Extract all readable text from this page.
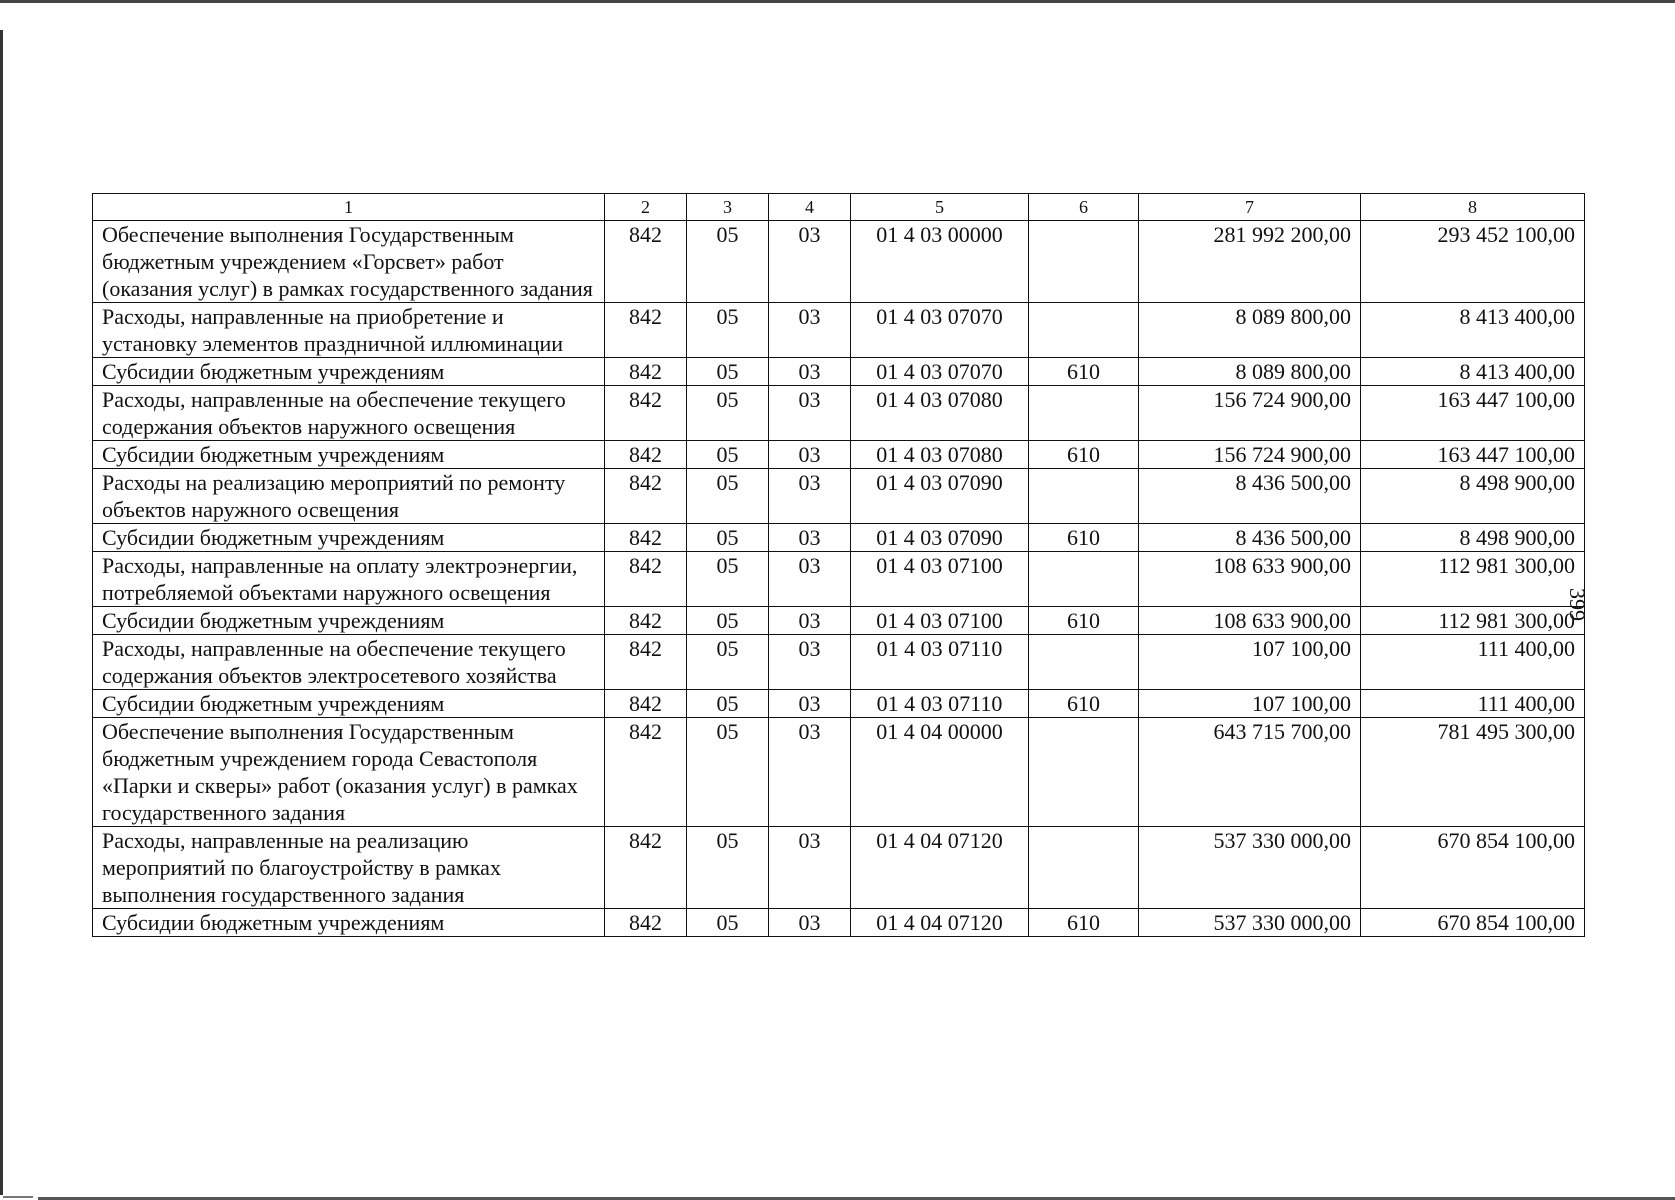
1	2	3	4	5	6	7	8
Обеспечение выполнения Государственным бюджетным учреждением «Горсвет» работ (оказания услуг) в рамках государственного задания	842	05	03	01 4 03 00000		281 992 200,00	293 452 100,00
Расходы, направленные на приобретение и установку элементов праздничной иллюминации	842	05	03	01 4 03 07070		8 089 800,00	8 413 400,00
Субсидии бюджетным учреждениям	842	05	03	01 4 03 07070	610	8 089 800,00	8 413 400,00
Расходы, направленные на обеспечение текущего содержания объектов наружного освещения	842	05	03	01 4 03 07080		156 724 900,00	163 447 100,00
Субсидии бюджетным учреждениям	842	05	03	01 4 03 07080	610	156 724 900,00	163 447 100,00
Расходы на реализацию мероприятий по ремонту объектов наружного освещения	842	05	03	01 4 03 07090		8 436 500,00	8 498 900,00
Субсидии бюджетным учреждениям	842	05	03	01 4 03 07090	610	8 436 500,00	8 498 900,00
Расходы, направленные на оплату электроэнергии, потребляемой объектами наружного освещения	842	05	03	01 4 03 07100		108 633 900,00	112 981 300,00
Субсидии бюджетным учреждениям	842	05	03	01 4 03 07100	610	108 633 900,00	112 981 300,00
Расходы, направленные на обеспечение текущего содержания объектов электросетевого хозяйства	842	05	03	01 4 03 07110		107 100,00	111 400,00
Субсидии бюджетным учреждениям	842	05	03	01 4 03 07110	610	107 100,00	111 400,00
Обеспечение выполнения Государственным бюджетным учреждением города Севастополя «Парки и скверы» работ (оказания услуг) в рамках государственного задания	842	05	03	01 4 04 00000		643 715 700,00	781 495 300,00
Расходы, направленные на реализацию мероприятий по благоустройству в рамках выполнения государственного задания	842	05	03	01 4 04 07120		537 330 000,00	670 854 100,00
Субсидии бюджетным учреждениям	842	05	03	01 4 04 07120	610	537 330 000,00	670 854 100,00
399
